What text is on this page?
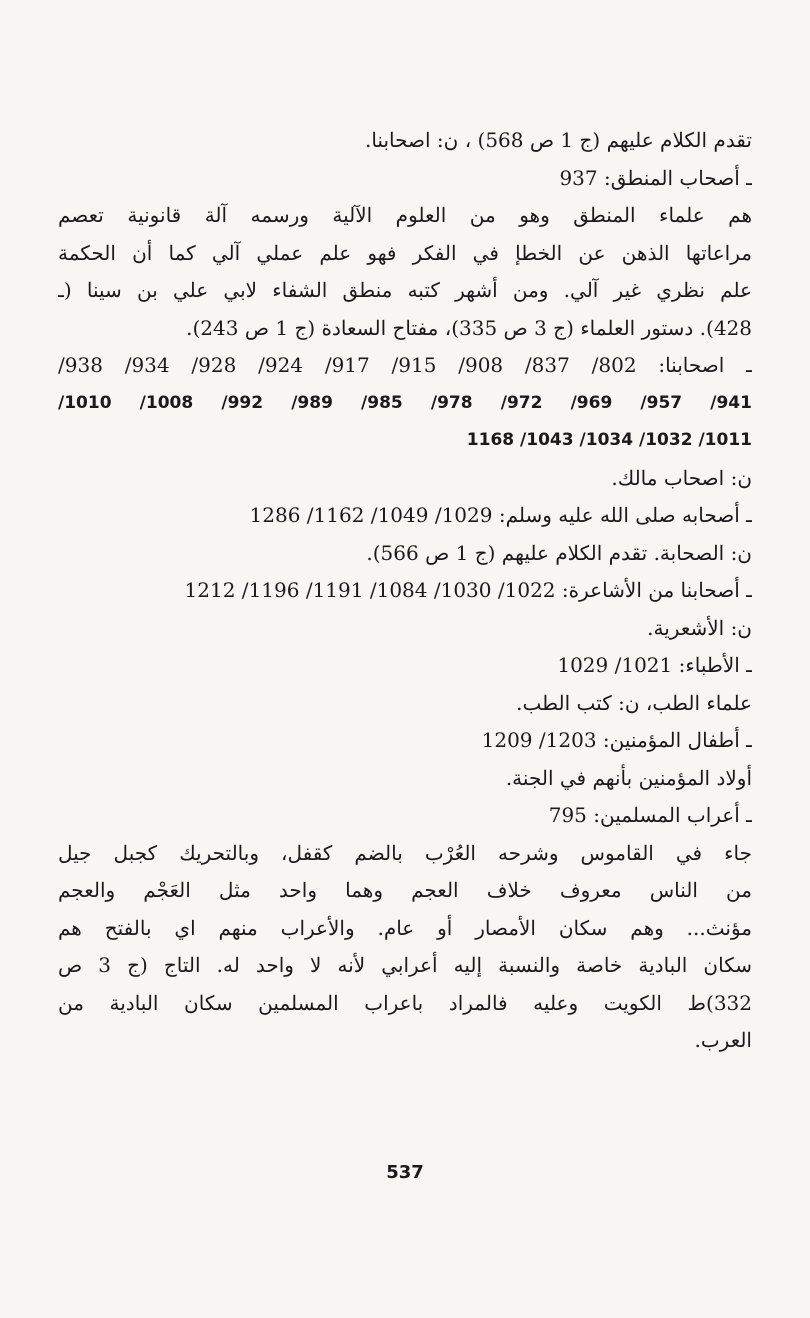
تقدم الكلام عليهم (ج 1 ص 568) ، ن: اصحابنا.
ـ أصحاب المنطق: 937
هم علماء المنطق وهو من العلوم الآلية ورسمه آلة قانونية تعصم
مراعاتها الذهن عن الخطإ في الفكر فهو علم عملي آلي كما أن الحكمة
علم نظري غير آلي. ومن أشهر كتبه منطق الشفاء لابي علي بن سينا (ـ
428). دستور العلماء (ج 3 ص 335)، مفتاح السعادة (ج 1 ص 243).
ـ اصحابنا: 802/ 837/ 908/ 915/ 917/ 924/ 928/ 934/ 938/
941/ 957/ 969/ 972/ 978/ 985/ 989/ 992/ 1008/ 1010/
1011/ 1032/ 1034/ 1043/ 1168
ن: اصحاب مالك.
ـ أصحابه صلى الله عليه وسلم: 1029/ 1049/ 1162/ 1286
ن: الصحابة. تقدم الكلام عليهم (ج 1 ص 566).
ـ أصحابنا من الأشاعرة: 1022/ 1030/ 1084/ 1191/ 1196/ 1212
ن: الأشعرية.
ـ الأطباء: 1021/ 1029
علماء الطب، ن: كتب الطب.
ـ أطفال المؤمنين: 1203/ 1209
أولاد المؤمنين بأنهم في الجنة.
ـ أعراب المسلمين: 795
جاء في القاموس وشرحه العُرْب بالضم كقفل، وبالتحريك كجبل جيل
من الناس معروف خلاف العجم وهما واحد مثل العَجْم والعجم
مؤنث... وهم سكان الأمصار أو عام. والأعراب منهم اي بالفتح هم
سكان البادية خاصة والنسبة إليه أعرابي لأنه لا واحد له. التاج (ج 3 ص
332)ط الكويت وعليه فالمراد باعراب المسلمين سكان البادية من
العرب.
537
